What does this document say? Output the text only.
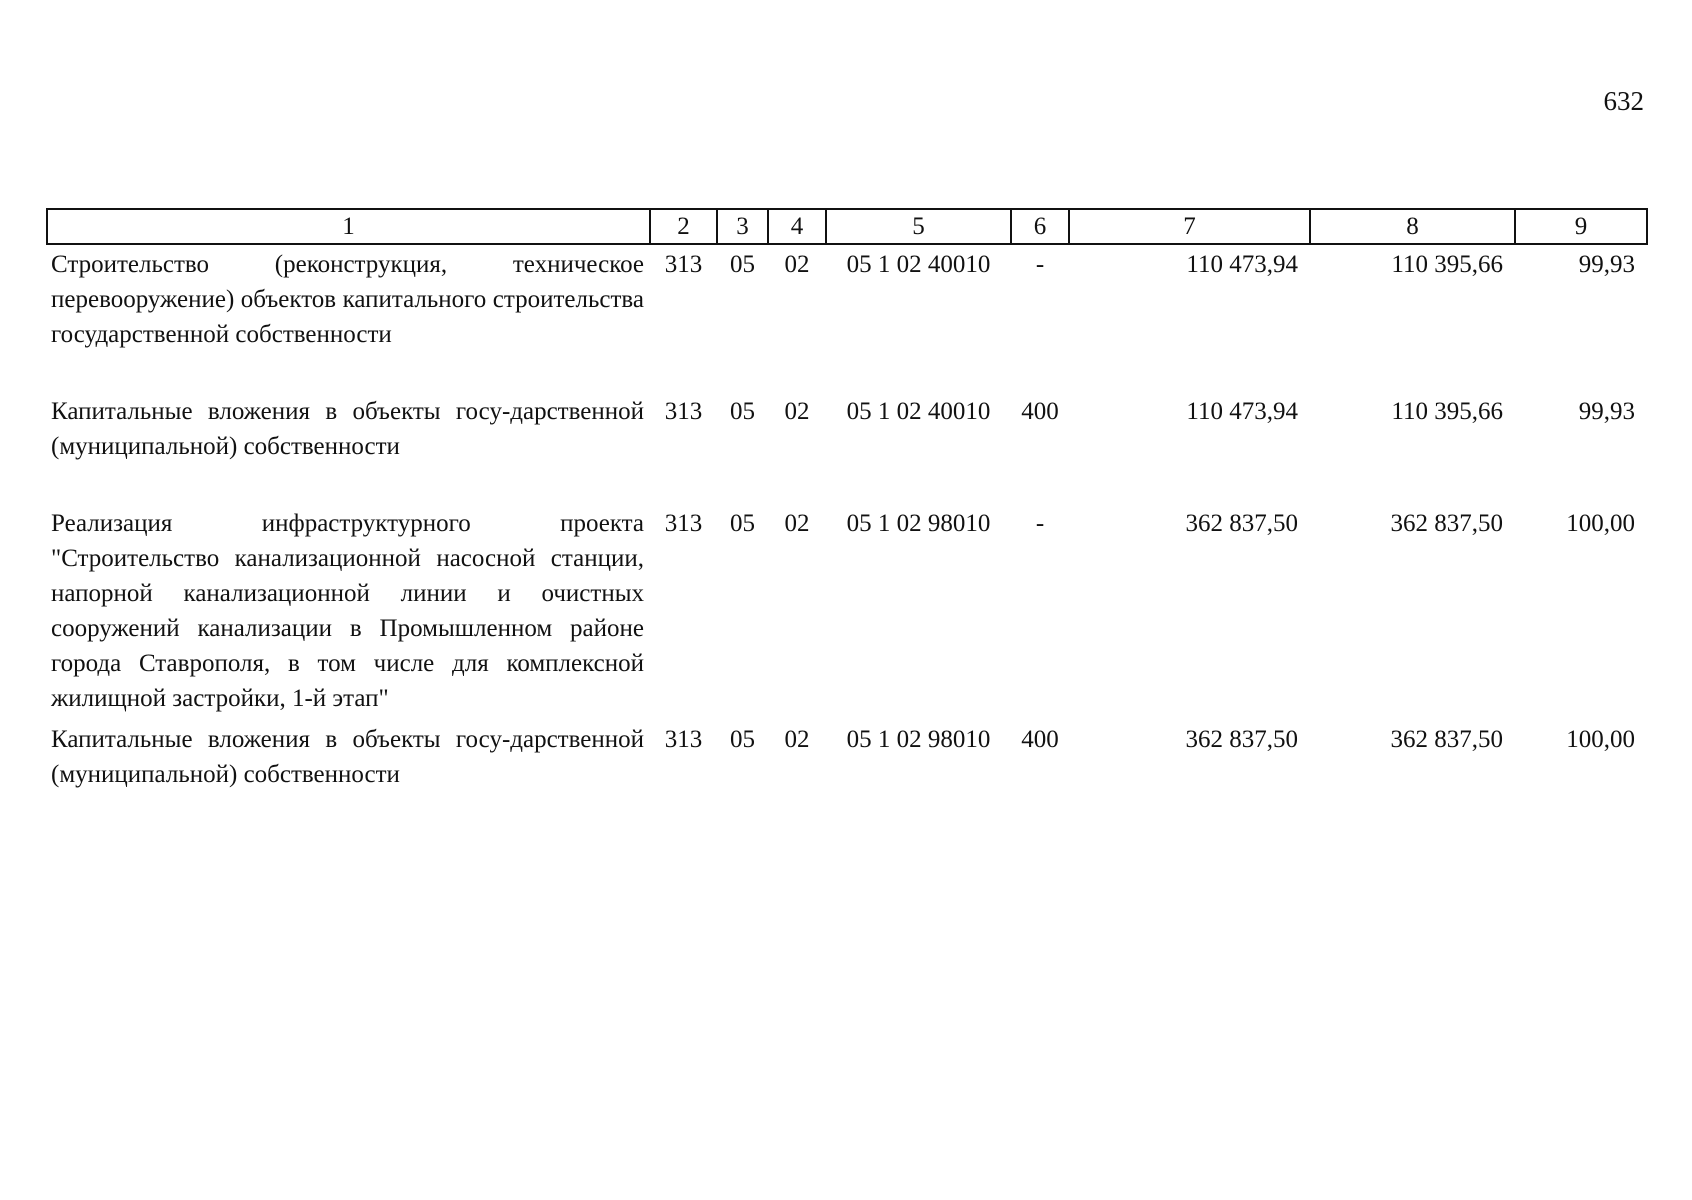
632
1	2	3	4	5	6	7	8	9
Строительство (реконструкция, техническое перевооружение) объектов капитального строительства государственной собственности	313	05	02	05 1 02 40010	-	110 473,94	110 395,66	99,93
Капитальные вложения в объекты госу-дарственной (муниципальной) собственности	313	05	02	05 1 02 40010	400	110 473,94	110 395,66	99,93
Реализация инфраструктурного проекта "Строительство канализационной насосной станции, напорной канализационной линии и очистных сооружений канализации в Промышленном районе города Ставрополя, в том числе для комплексной жилищной застройки, 1-й этап"	313	05	02	05 1 02 98010	-	362 837,50	362 837,50	100,00
Капитальные вложения в объекты госу-дарственной (муниципальной) собственности	313	05	02	05 1 02 98010	400	362 837,50	362 837,50	100,00
